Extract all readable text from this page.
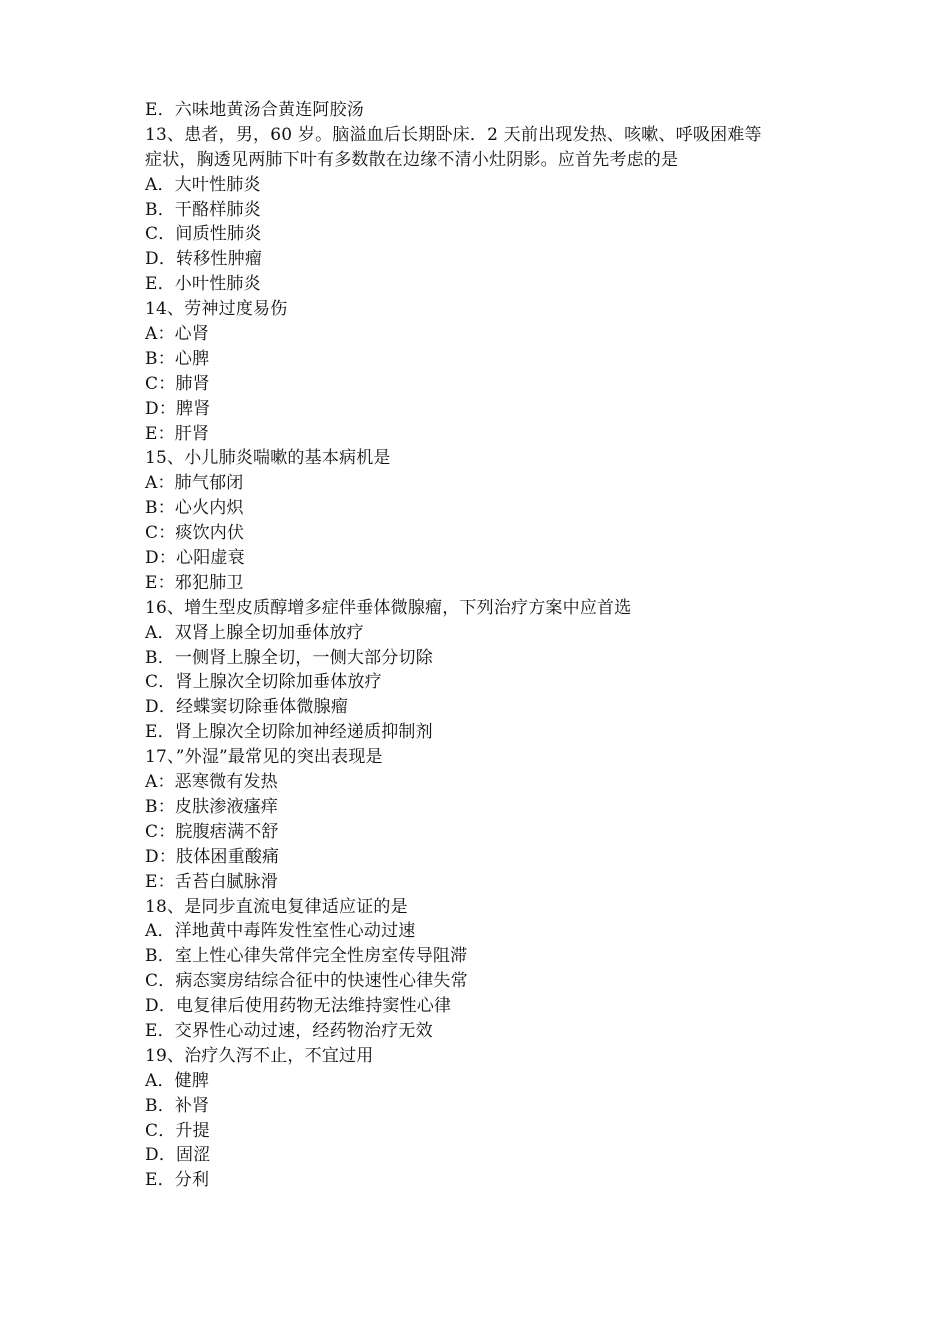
E．六味地黄汤合黄连阿胶汤
13、患者，男，60 岁。脑溢血后长期卧床．2 天前出现发热、咳嗽、呼吸困难等
症状，胸透见两肺下叶有多数散在边缘不清小灶阴影。应首先考虑的是
A．大叶性肺炎
B．干酪样肺炎
C．间质性肺炎
D．转移性肿瘤
E．小叶性肺炎
14、劳神过度易伤
A：心肾
B：心脾
C：肺肾
D：脾肾
E：肝肾
15、小儿肺炎喘嗽的基本病机是
A：肺气郁闭
B：心火内炽
C：痰饮内伏
D：心阳虚衰
E：邪犯肺卫
16、增生型皮质醇增多症伴垂体微腺瘤，下列治疗方案中应首选
A．双肾上腺全切加垂体放疗
B．一侧肾上腺全切，一侧大部分切除
C．肾上腺次全切除加垂体放疗
D．经蝶窦切除垂体微腺瘤
E．肾上腺次全切除加神经递质抑制剂
17、”外湿”最常见的突出表现是
A：恶寒微有发热
B：皮肤渗液瘙痒
C：脘腹痞满不舒
D：肢体困重酸痛
E：舌苔白腻脉滑
18、是同步直流电复律适应证的是
A．洋地黄中毒阵发性室性心动过速
B．室上性心律失常伴完全性房室传导阻滞
C．病态窦房结综合征中的快速性心律失常
D．电复律后使用药物无法维持窦性心律
E．交界性心动过速，经药物治疗无效
19、治疗久泻不止，不宜过用
A．健脾
B．补肾
C．升提
D．固涩
E．分利
